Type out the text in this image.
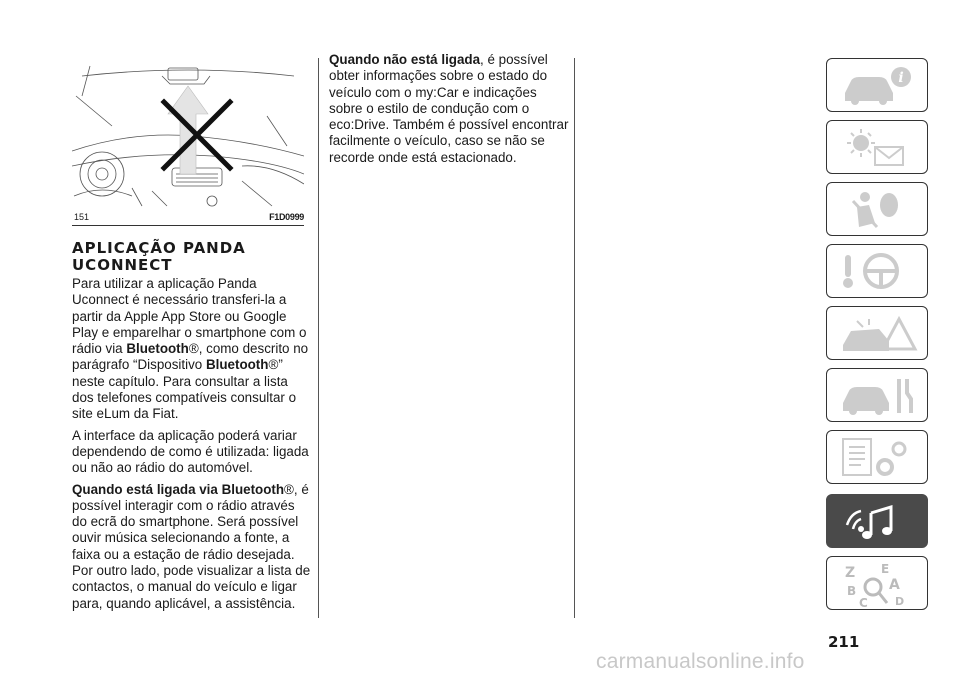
151	F1D0999
APLICAÇÃO PANDA UCONNECT

Para utilizar a aplicação Panda Uconnect é necessário transferi-la a partir da Apple App Store ou Google Play e emparelhar o smartphone com o rádio via Bluetooth®, como descrito no parágrafo “Dispositivo Bluetooth®” neste capítulo. Para consultar a lista dos telefones compatíveis consultar o site eLum da Fiat.

A interface da aplicação poderá variar dependendo de como é utilizada: ligada ou não ao rádio do automóvel.

Quando está ligada via Bluetooth®, é possível interagir com o rádio através do ecrã do smartphone. Será possível ouvir música selecionando a fonte, a faixa ou a estação de rádio desejada. Por outro lado, pode visualizar a lista de contactos, o manual do veículo e ligar para, quando aplicável, a assistência.

Quando não está ligada, é possível obter informações sobre o estado do veículo com o my:Car e indicações sobre o estilo de condução com o eco:Drive. Também é possível encontrar facilmente o veículo, caso se não se recorde onde está estacionado.

i
Z E
B A
C D
211
carmanualsonline.info
